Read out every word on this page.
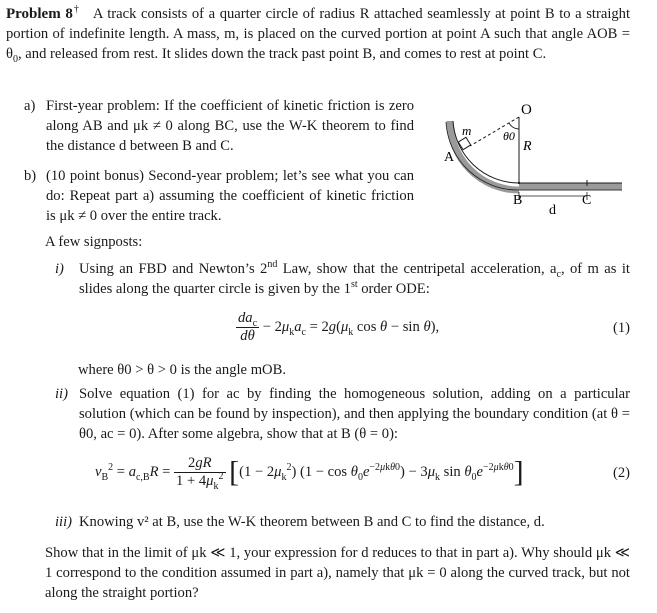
Problem 8† A track consists of a quarter circle of radius R attached seamlessly at point B to a straight portion of indefinite length. A mass, m, is placed on the curved portion at point A such that angle AOB = $\theta_0$, and released from rest. It slides down the track past point B, and comes to rest at point C.

a) First-year problem: If the coefficient of kinetic friction is zero along AB and μk ≠ 0 along BC, use the W-K theorem to find the distance d between B and C.

b) (10 point bonus) Second-year problem; let’s see what you can do: Repeat part a) assuming the coefficient of kinetic friction is μk ≠ 0 over the entire track.

O
θ0
R
m
A
B	C
d

A few signposts:

i) Using an FBD and Newton’s 2nd Law, show that the centripetal acceleration, $a_c$, of m as it slides along the quarter circle is given by the 1st order ODE:

$\frac{da_c}{d\theta} - 2\mu_ka_c = 2g(\mu_k$ cos θ − sin θ),	(1)

where θ0 > θ > 0 is the angle mOB.

ii) Solve equation (1) for ac by finding the homogeneous solution, adding on a particular solution (which can be found by inspection), and then applying the boundary condition (at θ = θ0, ac = 0). After some algebra, show that at B (θ = 0):

$v_B^2 = a_{c,B}R = \frac{2gR}{1 + 4\mu_k^2} [(1 - 2\mu_k^2) (1 - \cos \theta_0e^{-2\mu k\theta 0}) - 3\mu_k$ $\sin \theta_0e^{-2\mu k\theta 0}$]	(2)
iii) Knowing v² at B, use the W-K theorem between B and C to find the distance, d.

Show that in the limit of μk ≪ 1, your expression for d reduces to that in part a). Why should μk ≪ 1 correspond to the condition assumed in part a), namely that μk = 0 along the curved track, but not along the straight portion?
